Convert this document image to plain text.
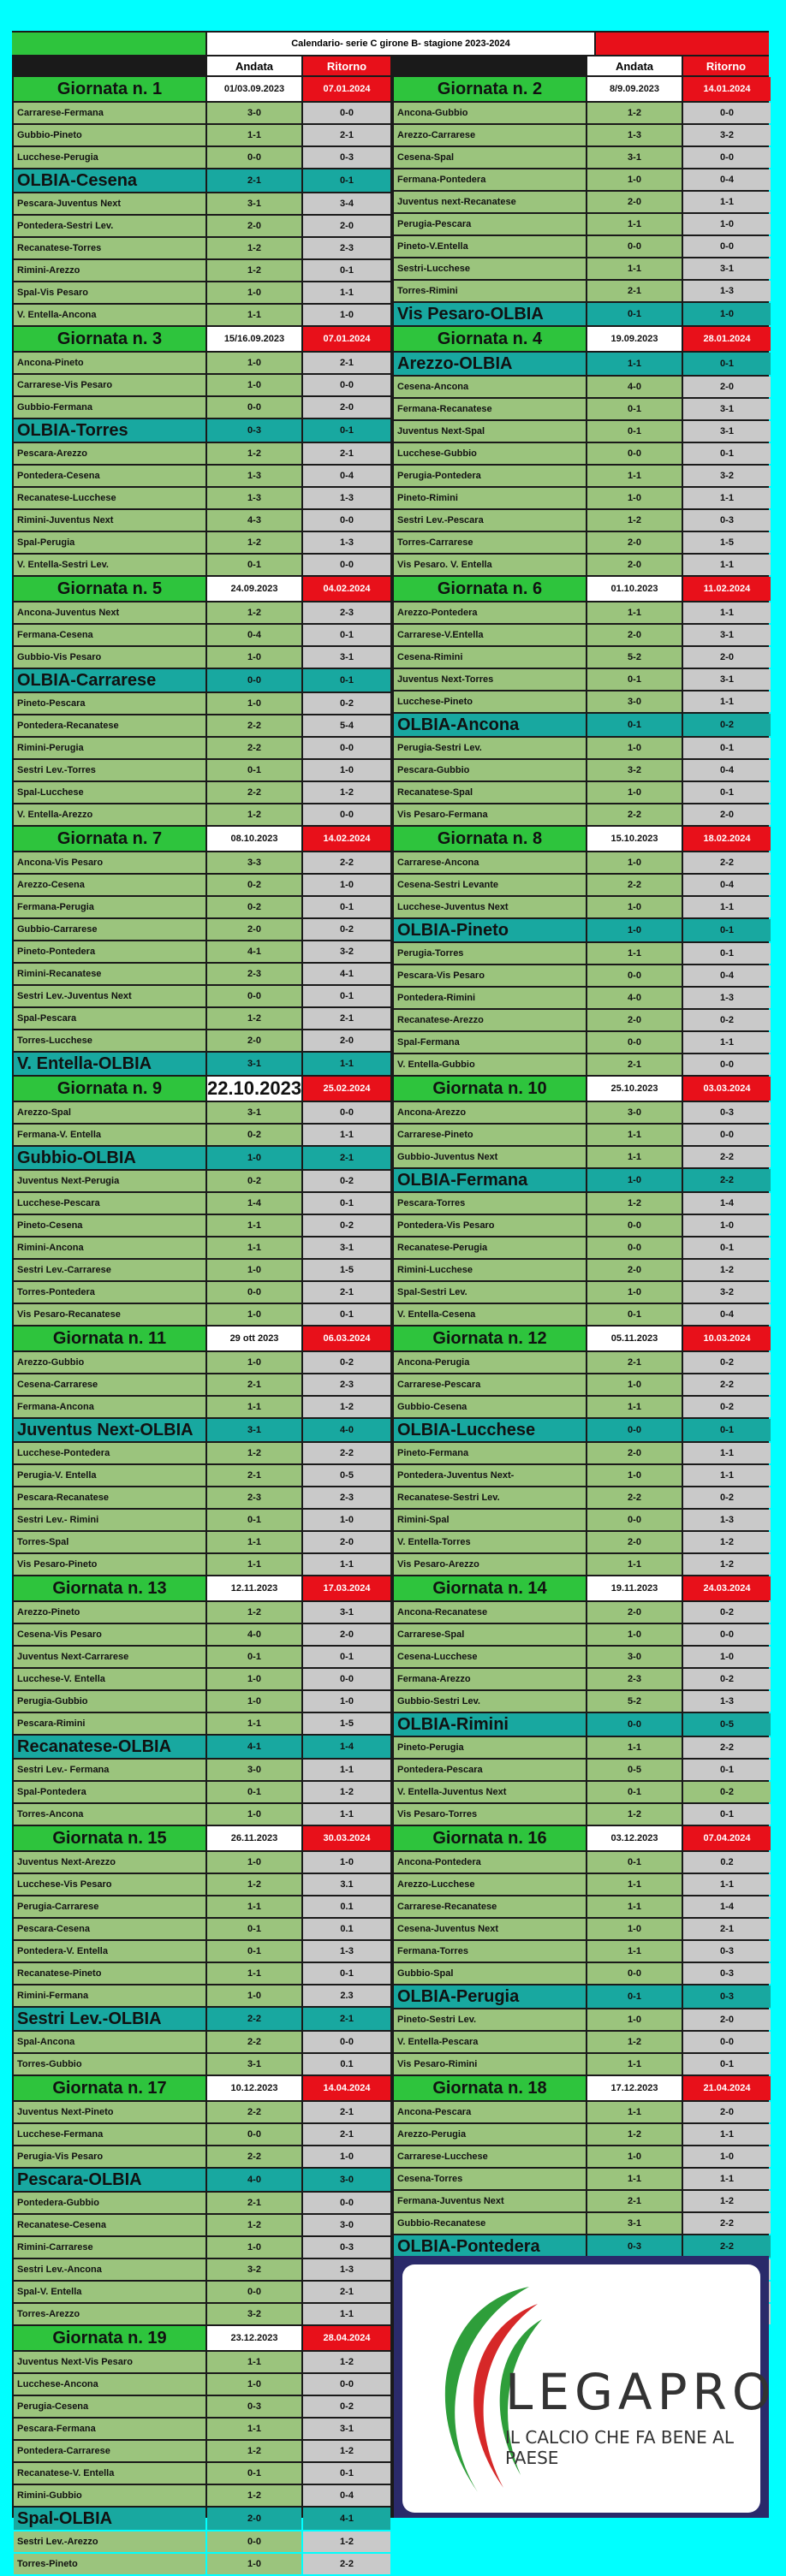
Calendario- serie C girone B- stagione 2023-2024
Andata	Ritorno	Andata	Ritorno
Giornata n. 1	01/03.09.2023	07.01.2024
Carrarese-Fermana	3-0	0-0
Gubbio-Pineto	1-1	2-1
Lucchese-Perugia	0-0	0-3
OLBIA-Cesena	2-1	0-1
Pescara-Juventus Next	3-1	3-4
Pontedera-Sestri Lev.	2-0	2-0
Recanatese-Torres	1-2	2-3
Rimini-Arezzo	1-2	0-1
Spal-Vis Pesaro	1-0	1-1
V. Entella-Ancona	1-1	1-0
Giornata n. 3	15/16.09.2023	07.01.2024
Ancona-Pineto	1-0	2-1
Carrarese-Vis Pesaro	1-0	0-0
Gubbio-Fermana	0-0	2-0
OLBIA-Torres	0-3	0-1
Pescara-Arezzo	1-2	2-1
Pontedera-Cesena	1-3	0-4
Recanatese-Lucchese	1-3	1-3
Rimini-Juventus Next	4-3	0-0
Spal-Perugia	1-2	1-3
V. Entella-Sestri Lev.	0-1	0-0
Giornata n. 5	24.09.2023	04.02.2024
Ancona-Juventus Next	1-2	2-3
Fermana-Cesena	0-4	0-1
Gubbio-Vis Pesaro	1-0	3-1
OLBIA-Carrarese	0-0	0-1
Pineto-Pescara	1-0	0-2
Pontedera-Recanatese	2-2	5-4
Rimini-Perugia	2-2	0-0
Sestri Lev.-Torres	0-1	1-0
Spal-Lucchese	2-2	1-2
V. Entella-Arezzo	1-2	0-0
Giornata n. 7	08.10.2023	14.02.2024
Ancona-Vis Pesaro	3-3	2-2
Arezzo-Cesena	0-2	1-0
Fermana-Perugia	0-2	0-1
Gubbio-Carrarese	2-0	0-2
Pineto-Pontedera	4-1	3-2
Rimini-Recanatese	2-3	4-1
Sestri Lev.-Juventus Next	0-0	0-1
Spal-Pescara	1-2	2-1
Torres-Lucchese	2-0	2-0
V. Entella-OLBIA	3-1	1-1
Giornata n. 9	22.10.2023	25.02.2024
Arezzo-Spal	3-1	0-0
Fermana-V. Entella	0-2	1-1
Gubbio-OLBIA	1-0	2-1
Juventus Next-Perugia	0-2	0-2
Lucchese-Pescara	1-4	0-1
Pineto-Cesena	1-1	0-2
Rimini-Ancona	1-1	3-1
Sestri Lev.-Carrarese	1-0	1-5
Torres-Pontedera	0-0	2-1
Vis Pesaro-Recanatese	1-0	0-1
Giornata n. 11	29 ott 2023	06.03.2024
Arezzo-Gubbio	1-0	0-2
Cesena-Carrarese	2-1	2-3
Fermana-Ancona	1-1	1-2
Juventus Next-OLBIA	3-1	4-0
Lucchese-Pontedera	1-2	2-2
Perugia-V. Entella	2-1	0-5
Pescara-Recanatese	2-3	2-3
Sestri Lev.- Rimini	0-1	1-0
Torres-Spal	1-1	2-0
Vis Pesaro-Pineto	1-1	1-1
Giornata n. 13	12.11.2023	17.03.2024
Arezzo-Pineto	1-2	3-1
Cesena-Vis Pesaro	4-0	2-0
Juventus Next-Carrarese	0-1	0-1
Lucchese-V. Entella	1-0	0-0
Perugia-Gubbio	1-0	1-0
Pescara-Rimini	1-1	1-5
Recanatese-OLBIA	4-1	1-4
Sestri Lev.- Fermana	3-0	1-1
Spal-Pontedera	0-1	1-2
Torres-Ancona	1-0	1-1
Giornata n. 15	26.11.2023	30.03.2024
Juventus Next-Arezzo	1-0	1-0
Lucchese-Vis Pesaro	1-2	3.1
Perugia-Carrarese	1-1	0.1
Pescara-Cesena	0-1	0.1
Pontedera-V. Entella	0-1	1-3
Recanatese-Pineto	1-1	0-1
Rimini-Fermana	1-0	2.3
Sestri Lev.-OLBIA	2-2	2-1
Spal-Ancona	2-2	0-0
Torres-Gubbio	3-1	0.1
Giornata n. 17	10.12.2023	14.04.2024
Juventus Next-Pineto	2-2	2-1
Lucchese-Fermana	0-0	2-1
Perugia-Vis Pesaro	2-2	1-0
Pescara-OLBIA	4-0	3-0
Pontedera-Gubbio	2-1	0-0
Recanatese-Cesena	1-2	3-0
Rimini-Carrarese	1-0	0-3
Sestri Lev.-Ancona	3-2	1-3
Spal-V. Entella	0-0	2-1
Torres-Arezzo	3-2	1-1
Giornata n. 19	23.12.2023	28.04.2024
Juventus Next-Vis Pesaro	1-1	1-2
Lucchese-Ancona	1-0	0-0
Perugia-Cesena	0-3	0-2
Pescara-Fermana	1-1	3-1
Pontedera-Carrarese	1-2	1-2
Recanatese-V. Entella	0-1	0-1
Rimini-Gubbio	1-2	0-4
Spal-OLBIA	2-0	4-1
Sestri Lev.-Arezzo	0-0	1-2
Torres-Pineto	1-0	2-2
Giornata n. 2	8/9.09.2023	14.01.2024
Ancona-Gubbio	1-2	0-0
Arezzo-Carrarese	1-3	3-2
Cesena-Spal	3-1	0-0
Fermana-Pontedera	1-0	0-4
Juventus next-Recanatese	2-0	1-1
Perugia-Pescara	1-1	1-0
Pineto-V.Entella	0-0	0-0
Sestri-Lucchese	1-1	3-1
Torres-Rimini	2-1	1-3
Vis Pesaro-OLBIA	0-1	1-0
Giornata n. 4	19.09.2023	28.01.2024
Arezzo-OLBIA	1-1	0-1
Cesena-Ancona	4-0	2-0
Fermana-Recanatese	0-1	3-1
Juventus Next-Spal	0-1	3-1
Lucchese-Gubbio	0-0	0-1
Perugia-Pontedera	1-1	3-2
Pineto-Rimini	1-0	1-1
Sestri Lev.-Pescara	1-2	0-3
Torres-Carrarese	2-0	1-5
Vis Pesaro. V. Entella	2-0	1-1
Giornata n. 6	01.10.2023	11.02.2024
Arezzo-Pontedera	1-1	1-1
Carrarese-V.Entella	2-0	3-1
Cesena-Rimini	5-2	2-0
Juventus Next-Torres	0-1	3-1
Lucchese-Pineto	3-0	1-1
OLBIA-Ancona	0-1	0-2
Perugia-Sestri Lev.	1-0	0-1
Pescara-Gubbio	3-2	0-4
Recanatese-Spal	1-0	0-1
Vis Pesaro-Fermana	2-2	2-0
Giornata n. 8	15.10.2023	18.02.2024
Carrarese-Ancona	1-0	2-2
Cesena-Sestri Levante	2-2	0-4
Lucchese-Juventus Next	1-0	1-1
OLBIA-Pineto	1-0	0-1
Perugia-Torres	1-1	0-1
Pescara-Vis Pesaro	0-0	0-4
Pontedera-Rimini	4-0	1-3
Recanatese-Arezzo	2-0	0-2
Spal-Fermana	0-0	1-1
V. Entella-Gubbio	2-1	0-0
Giornata n. 10	25.10.2023	03.03.2024
Ancona-Arezzo	3-0	0-3
Carrarese-Pineto	1-1	0-0
Gubbio-Juventus Next	1-1	2-2
OLBIA-Fermana	1-0	2-2
Pescara-Torres	1-2	1-4
Pontedera-Vis Pesaro	0-0	1-0
Recanatese-Perugia	0-0	0-1
Rimini-Lucchese	2-0	1-2
Spal-Sestri Lev.	1-0	3-2
V. Entella-Cesena	0-1	0-4
Giornata n. 12	05.11.2023	10.03.2024
Ancona-Perugia	2-1	0-2
Carrarese-Pescara	1-0	2-2
Gubbio-Cesena	1-1	0-2
OLBIA-Lucchese	0-0	0-1
Pineto-Fermana	2-0	1-1
Pontedera-Juventus Next-	1-0	1-1
Recanatese-Sestri Lev.	2-2	0-2
Rimini-Spal	0-0	1-3
V. Entella-Torres	2-0	1-2
Vis Pesaro-Arezzo	1-1	1-2
Giornata n. 14	19.11.2023	24.03.2024
Ancona-Recanatese	2-0	0-2
Carrarese-Spal	1-0	0-0
Cesena-Lucchese	3-0	1-0
Fermana-Arezzo	2-3	0-2
Gubbio-Sestri Lev.	5-2	1-3
OLBIA-Rimini	0-0	0-5
Pineto-Perugia	1-1	2-2
Pontedera-Pescara	0-5	0-1
V. Entella-Juventus Next	0-1	0-2
Vis Pesaro-Torres	1-2	0-1
Giornata n. 16	03.12.2023	07.04.2024
Ancona-Pontedera	0-1	0.2
Arezzo-Lucchese	1-1	1-1
Carrarese-Recanatese	1-1	1-4
Cesena-Juventus Next	1-0	2-1
Fermana-Torres	1-1	0-3
Gubbio-Spal	0-0	0-3
OLBIA-Perugia	0-1	0-3
Pineto-Sestri Lev.	1-0	2-0
V. Entella-Pescara	1-2	0-0
Vis Pesaro-Rimini	1-1	0-1
Giornata n. 18	17.12.2023	21.04.2024
Ancona-Pescara	1-1	2-0
Arezzo-Perugia	1-2	1-1
Carrarese-Lucchese	1-0	1-0
Cesena-Torres	1-1	1-1
Fermana-Juventus Next	2-1	1-2
Gubbio-Recanatese	3-1	2-2
OLBIA-Pontedera	0-3	2-2
LEGAPRO
IL CALCIO CHE FA BENE AL PAESE
